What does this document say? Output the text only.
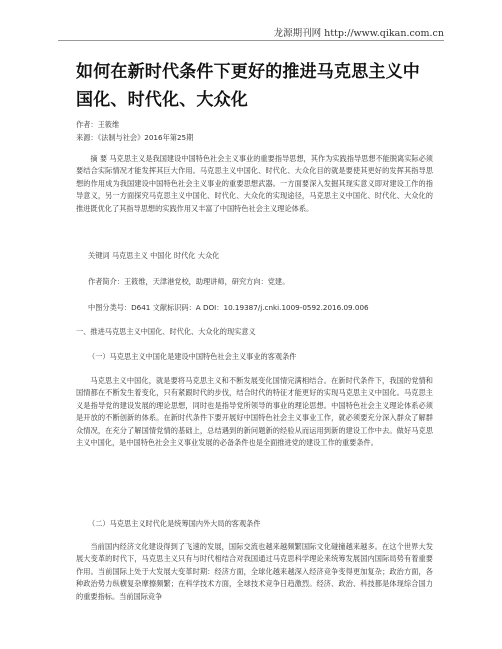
龙源期刊网 http://www.qikan.com.cn
如何在新时代条件下更好的推进马克思主义中国化、时代化、大众化
作者：王筱维
来源：《法制与社会》2016年第25期

摘 要 马克思主义是我国建设中国特色社会主义事业的重要指导思想，其作为实践指导思想不能脱离实际必须要结合实际情况才能发挥其巨大作用。马克思主义中国化、时代化、大众化目的就是要使其更好的发挥其指导思想的作用成为我国建设中国特色社会主义事业的重要思想武器。一方面要深入发掘其现实意义即对建设工作的指导意义，另一方面探究马克思主义中国化、时代化、大众化的实现途径，马克思主义中国化、时代化、大众化的推进既优化了其指导思想的实践作用又丰富了中国特色社会主义理论体系。

关键词 马克思主义 中国化 时代化 大众化
作者简介：王筱维，天津港党校，助理讲师，研究方向：党建。
中图分类号：D641 文献标识码：A DOI：10.19387/j.cnki.1009-0592.2016.09.006
一、推进马克思主义中国化、时代化、大众化的现实意义
（一）马克思主义中国化是建设中国特色社会主义事业的客观条件

马克思主义中国化，就是要将马克思主义和不断发展变化国情完满相结合。在新时代条件下，我国的党情和国情都在不断发生着变化，只有紧跟时代的步伐，结合时代的特征才能更好的实现马克思主义中国化。马克思主义是指导党的建设发展的理论思想，同时也是指导党所领导的事业的理论思想。中国特色社会主义理论体系必须是开放的不断创新的体系。在新时代条件下要开展好中国特色社会主义事业工作，就必须要充分深入群众了解群众情况，在充分了解国情党情的基础上，总结遇到的新问题新的经验从而运用到新的建设工作中去。做好马克思主义中国化，是中国特色社会主义事业发展的必备条件也是全面推进党的建设工作的重要条件。

（二）马克思主义时代化是统筹国内外大局的客观条件

当前国内经济文化建设得到了飞速的发展，国际交流也越来越频繁国际文化碰撞越来越多。在这个世界大发展大变革的时代下，马克思主义只有与时代相结合对我国通过马克思科学理论来统筹发展国内国际局势有着重要作用。当前国际上处于大发展大变革时期：经济方面，全球化越来越深入经济竞争变得更加复杂；政治方面，各种政治势力纵横复杂摩擦频繁；在科学技术方面，全球技术竞争日趋激烈。经济、政治、科技都是体现综合国力的重要指标。当前国际竞争
